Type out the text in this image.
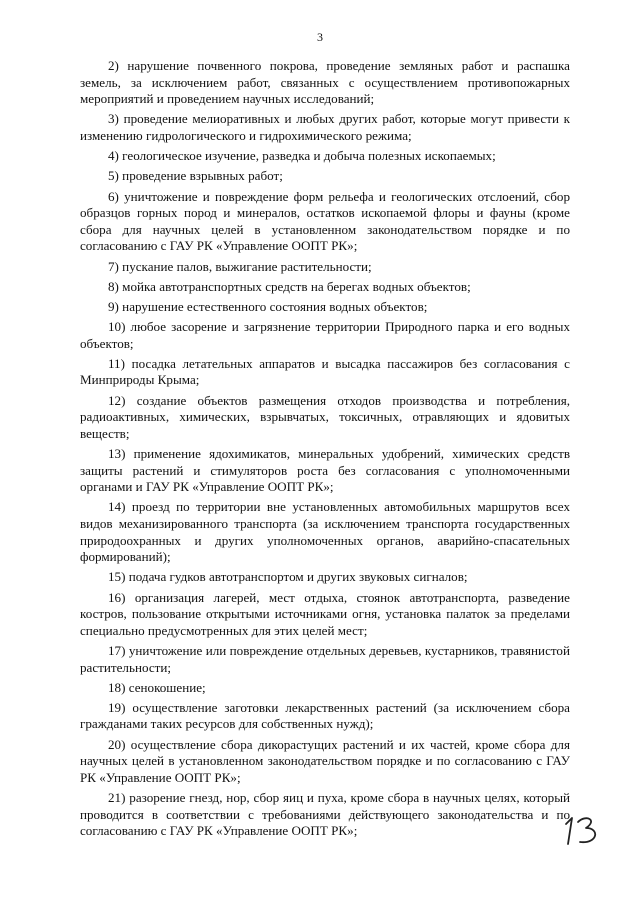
3

2) нарушение почвенного покрова, проведение земляных работ и распашка земель, за исключением работ, связанных с осуществлением противопожарных мероприятий и проведением научных исследований;

3) проведение мелиоративных и любых других работ, которые могут привести к изменению гидрологического и гидрохимического режима;

4) геологическое изучение, разведка и добыча полезных ископаемых;

5) проведение взрывных работ;

6) уничтожение и повреждение форм рельефа и геологических отслоений, сбор образцов горных пород и минералов, остатков ископаемой флоры и фауны (кроме сбора для научных целей в установленном законодательством порядке и по согласованию с ГАУ РК «Управление ООПТ РК»;

7) пускание палов, выжигание растительности;

8) мойка автотранспортных средств на берегах водных объектов;

9) нарушение естественного состояния водных объектов;

10) любое засорение и загрязнение территории Природного парка и его водных объектов;

11) посадка летательных аппаратов и высадка пассажиров без согласования с Минприроды Крыма;

12) создание объектов размещения отходов производства и потребления, радиоактивных, химических, взрывчатых, токсичных, отравляющих и ядовитых веществ;

13) применение ядохимикатов, минеральных удобрений, химических средств защиты растений и стимуляторов роста без согласования с уполномоченными органами и ГАУ РК «Управление ООПТ РК»;

14) проезд по территории вне установленных автомобильных маршрутов всех видов механизированного транспорта (за исключением транспорта государственных природоохранных и других уполномоченных органов, аварийно-спасательных формирований);

15) подача гудков автотранспортом и других звуковых сигналов;

16) организация лагерей, мест отдыха, стоянок автотранспорта, разведение костров, пользование открытыми источниками огня, установка палаток за пределами специально предусмотренных для этих целей мест;

17) уничтожение или повреждение отдельных деревьев, кустарников, травянистой растительности;

18) сенокошение;

19) осуществление заготовки лекарственных растений (за исключением сбора гражданами таких ресурсов для собственных нужд);

20) осуществление сбора дикорастущих растений и их частей, кроме сбора для научных целей в установленном законодательством порядке и по согласованию с ГАУ РК «Управление ООПТ РК»;

21) разорение гнезд, нор, сбор яиц и пуха, кроме сбора в научных целях, который проводится в соответствии с требованиями действующего законодательства и по согласованию с ГАУ РК «Управление ООПТ РК»;
